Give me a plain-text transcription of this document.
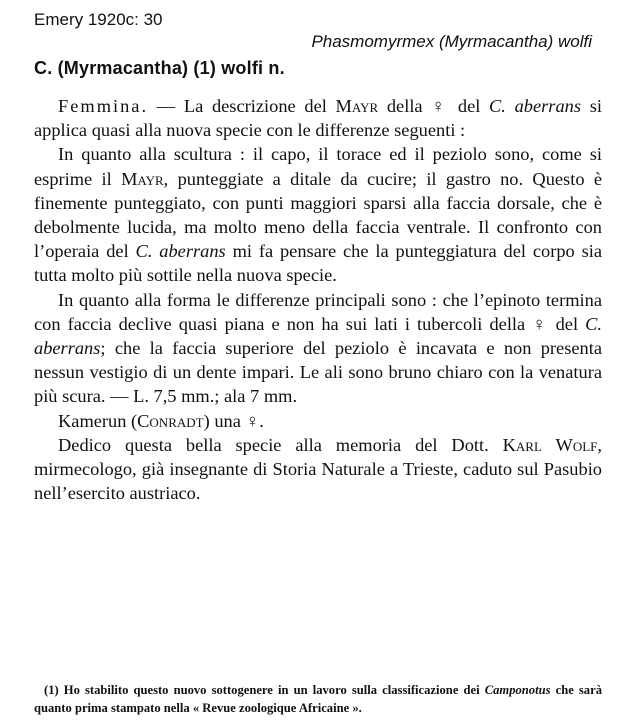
Emery 1920c: 30
Phasmomyrmex (Myrmacantha) wolfi
C. (Myrmacantha) (1) wolfi n.

Femmina. — La descrizione del Mayr della ♀ del C. aberrans si applica quasi alla nuova specie con le differenze seguenti :

In quanto alla scultura : il capo, il torace ed il peziolo sono, come si esprime il Mayr, punteggiate a ditale da cucire; il gastro no. Questo è finemente punteggiato, con punti maggiori sparsi alla faccia dorsale, che è debolmente lucida, ma molto meno della faccia ventrale. Il confronto con l’operaia del C. aberrans mi fa pensare che la punteggiatura del corpo sia tutta molto più sottile nella nuova specie.

In quanto alla forma le differenze principali sono : che l’epinoto termina con faccia declive quasi piana e non ha sui lati i tubercoli della ♀ del C. aberrans; che la faccia superiore del peziolo è incavata e non presenta nessun vestigio di un dente impari. Le ali sono bruno chiaro con la venatura più scura. — L. 7,5 mm.; ala 7 mm.

Kamerun (Conradt) una ♀.

Dedico questa bella specie alla memoria del Dott. Karl Wolf, mirmecologo, già insegnante di Storia Naturale a Trieste, caduto sul Pasubio nell’esercito austriaco.

(1) Ho stabilito questo nuovo sottogenere in un lavoro sulla classificazione dei Camponotus che sarà quanto prima stampato nella « Revue zoologique Africaine ».
